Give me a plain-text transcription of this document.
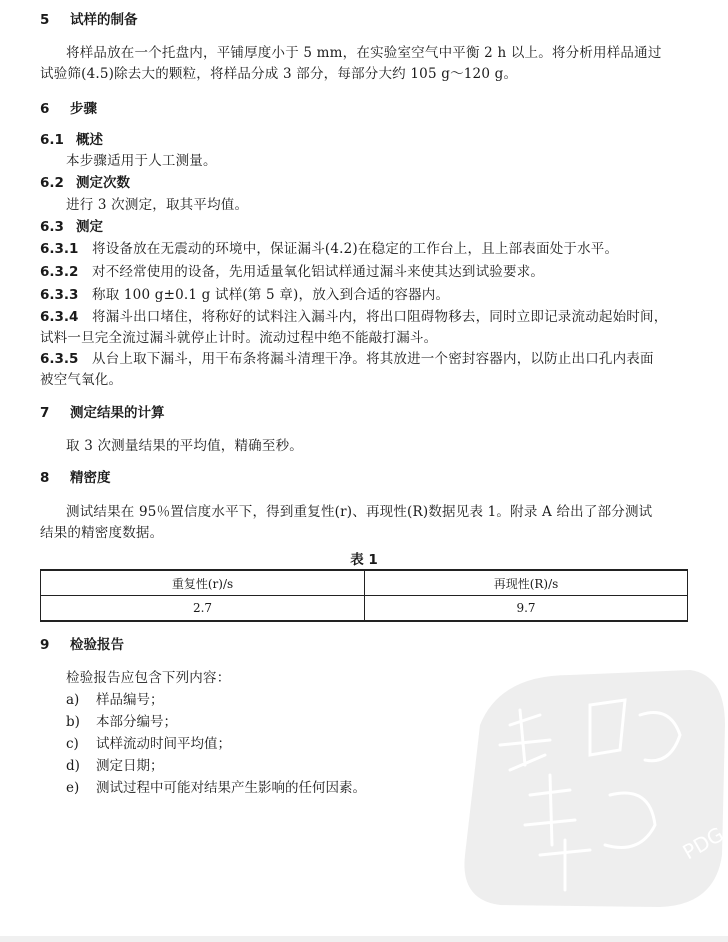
5 试样的制备
将样品放在一个托盘内，平铺厚度小于 5 mm，在实验室空气中平衡 2 h 以上。将分析用样品通过
试验筛(4.5)除去大的颗粒，将样品分成 3 部分，每部分大约 105 g～120 g。
6 步骤
6.1 概述
本步骤适用于人工测量。
6.2 测定次数
进行 3 次测定，取其平均值。
6.3 测定
6.3.1 将设备放在无震动的环境中，保证漏斗(4.2)在稳定的工作台上，且上部表面处于水平。
6.3.2 对不经常使用的设备，先用适量氧化铝试样通过漏斗来使其达到试验要求。
6.3.3 称取 100 g±0.1 g 试样(第 5 章)，放入到合适的容器内。
6.3.4 将漏斗出口堵住，将称好的试料注入漏斗内，将出口阻碍物移去，同时立即记录流动起始时间，
试料一旦完全流过漏斗就停止计时。流动过程中绝不能敲打漏斗。
6.3.5 从台上取下漏斗，用干布条将漏斗清理干净。将其放进一个密封容器内，以防止出口孔内表面
被空气氧化。
7 测定结果的计算
取 3 次测量结果的平均值，精确至秒。
8 精密度
测试结果在 95％置信度水平下，得到重复性(r)、再现性(R)数据见表 1。附录 A 给出了部分测试
结果的精密度数据。
表 1
重复性(r)/s	再现性(R)/s
2.7	9.7
9 检验报告
检验报告应包含下列内容：
a) 样品编号；
b) 本部分编号；
c) 试样流动时间平均值；
d) 测定日期；
e) 测试过程中可能对结果产生影响的任何因素。
PDG
